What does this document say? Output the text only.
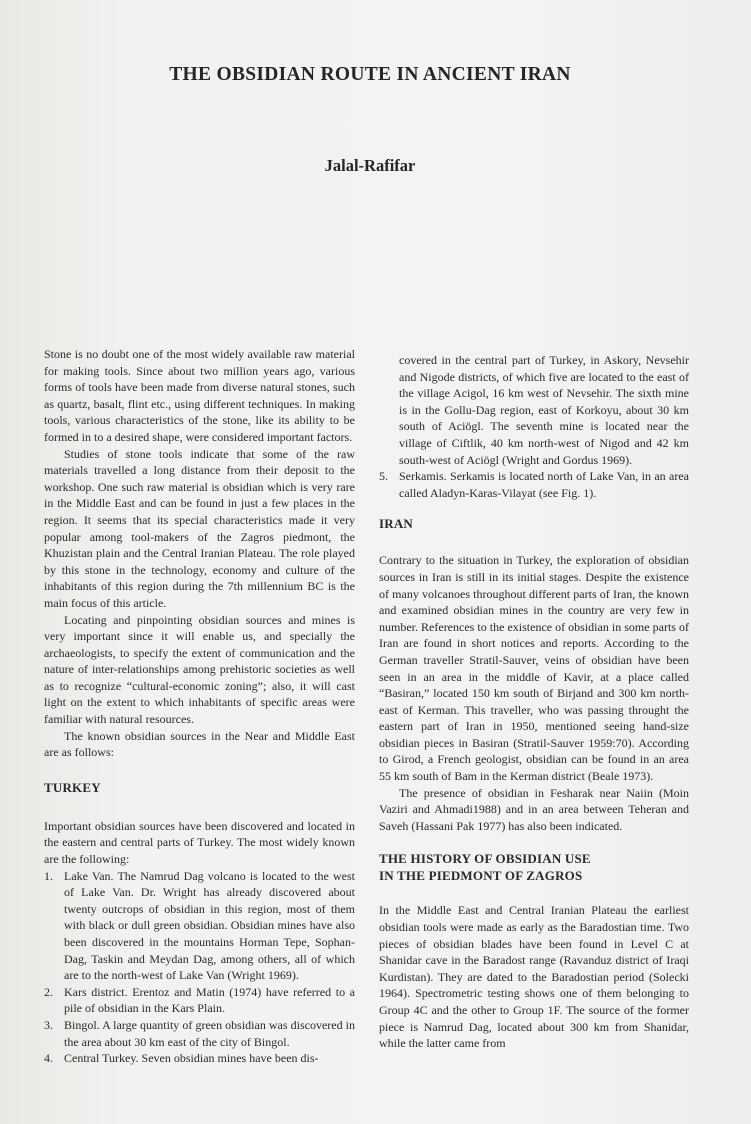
THE OBSIDIAN ROUTE IN ANCIENT IRAN
Jalal-Rafifar

Stone is no doubt one of the most widely available raw material for making tools. Since about two million years ago, various forms of tools have been made from diverse natural stones, such as quartz, basalt, flint etc., using different techniques. In making tools, various characteristics of the stone, like its ability to be formed in to a desired shape, were considered important factors.

Studies of stone tools indicate that some of the raw materials travelled a long distance from their deposit to the workshop. One such raw material is obsidian which is very rare in the Middle East and can be found in just a few places in the region. It seems that its special characteristics made it very popular among tool-makers of the Zagros piedmont, the Khuzistan plain and the Central Iranian Plateau. The role played by this stone in the technology, economy and culture of the inhabitants of this region during the 7th millennium BC is the main focus of this article.

Locating and pinpointing obsidian sources and mines is very important since it will enable us, and specially the archaeologists, to specify the extent of communication and the nature of inter-relationships among prehistoric societies as well as to recognize “cultural-economic zoning”; also, it will cast light on the extent to which inhabitants of specific areas were familiar with natural resources.

The known obsidian sources in the Near and Middle East are as follows:

TURKEY

Important obsidian sources have been discovered and located in the eastern and central parts of Turkey. The most widely known are the following:

1. Lake Van. The Namrud Dag volcano is located to the west of Lake Van. Dr. Wright has already discovered about twenty outcrops of obsidian in this region, most of them with black or dull green obsidian. Obsidian mines have also been discovered in the mountains Horman Tepe, Sophan-Dag, Taskin and Meydan Dag, among others, all of which are to the north-west of Lake Van (Wright 1969).
2. Kars district. Erentoz and Matin (1974) have referred to a pile of obsidian in the Kars Plain.
3. Bingol. A large quantity of green obsidian was discovered in the area about 30 km east of the city of Bingol.
4. Central Turkey. Seven obsidian mines have been dis-
covered in the central part of Turkey, in Askory, Nevsehir and Nigode districts, of which five are located to the east of the village Acigol, 16 km west of Nevsehir. The sixth mine is in the Gollu-Dag region, east of Korkoyu, about 30 km south of Aciögl. The seventh mine is located near the village of Ciftlik, 40 km north-west of Nigod and 42 km south-west of Aciögl (Wright and Gordus 1969).
5. Serkamis. Serkamis is located north of Lake Van, in an area called Aladyn-Karas-Vilayat (see Fig. 1).
IRAN

Contrary to the situation in Turkey, the exploration of obsidian sources in Iran is still in its initial stages. Despite the existence of many volcanoes throughout different parts of Iran, the known and examined obsidian mines in the country are very few in number. References to the existence of obsidian in some parts of Iran are found in short notices and reports. According to the German traveller Stratil-Sauver, veins of obsidian have been seen in an area in the middle of Kavir, at a place called “Basiran,” located 150 km south of Birjand and 300 km north-east of Kerman. This traveller, who was passing throught the eastern part of Iran in 1950, mentioned seeing hand-size obsidian pieces in Basiran (Stratil-Sauver 1959:70). According to Girod, a French geologist, obsidian can be found in an area 55 km south of Bam in the Kerman district (Beale 1973).

The presence of obsidian in Fesharak near Naiin (Moin Vaziri and Ahmadi1988) and in an area between Teheran and Saveh (Hassani Pak 1977) has also been indicated.

THE HISTORY OF OBSIDIAN USE
IN THE PIEDMONT OF ZAGROS

In the Middle East and Central Iranian Plateau the earliest obsidian tools were made as early as the Baradostian time. Two pieces of obsidian blades have been found in Level C at Shanidar cave in the Baradost range (Ravanduz district of Iraqi Kurdistan). They are dated to the Baradostian period (Solecki 1964). Spectrometric testing shows one of them belonging to Group 4C and the other to Group 1F. The source of the former piece is Namrud Dag, located about 300 km from Shanidar, while the latter came from
